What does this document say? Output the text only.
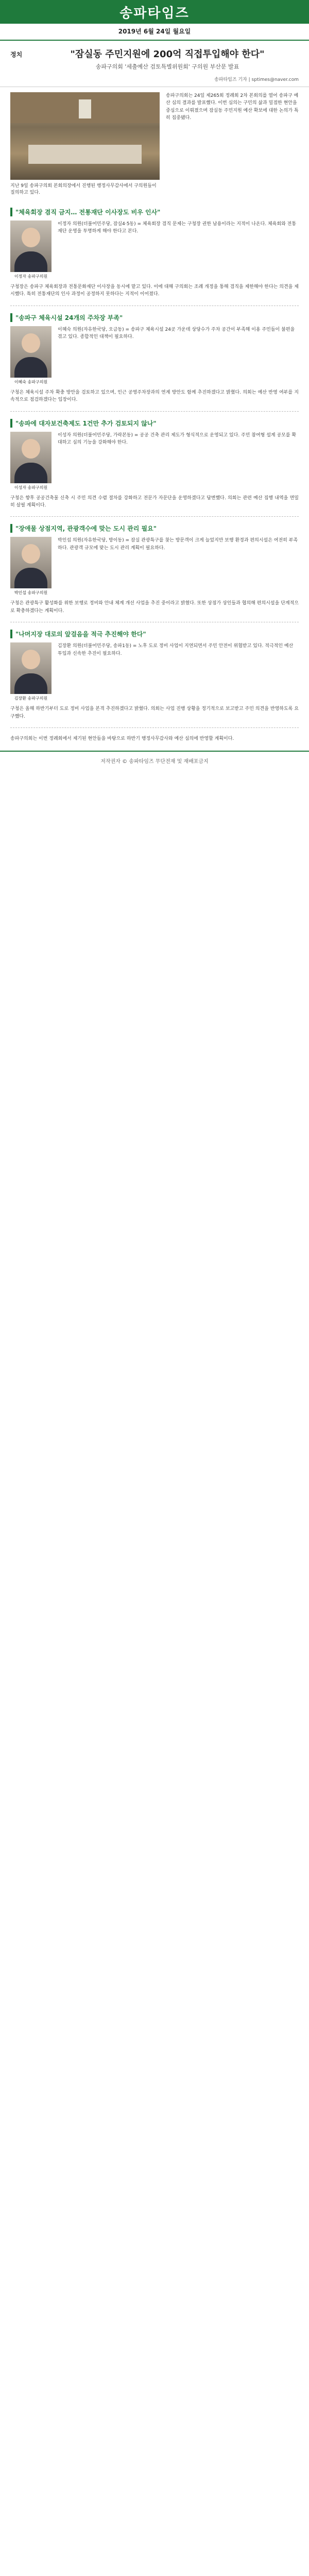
송파타임즈
2019년 6월 24일 월요일
정치	"잠실동 주민지원에 200억 직접투입해야 한다"
송파구의회 '세출예산 검토특별위원회' 구의원 부산문 발표
송파타임즈 기자 | sptimes@naver.com
지난 9일 송파구의회 본회의장에서 진행된 행정사무감사에서 구의원들이 질의하고 있다.
송파구의회는 24일 제265회 정례회 2차 본회의를 열어 송파구 예산 심의 결과를 발표했다. 이번 심의는 구민의 삶과 밀접한 현안을 중심으로 이뤄졌으며 잠실동 주민지원 예산 확보에 대한 논의가 특히 집중됐다.
"체육회장 겸직 금지… 전통재단 이사장도 비우 인사"
이정자 송파구의원
이정자 의원(더불어민주당, 잠실4·5동) = 체육회장 겸직 문제는 구청장 권한 남용이라는 지적이 나온다. 체육회와 전통재단 운영을 투명하게 해야 한다고 본다.

구청장은 송파구 체육회장과 전통문화재단 이사장을 동시에 맡고 있다. 이에 대해 구의회는 조례 개정을 통해 겸직을 제한해야 한다는 의견을 제시했다. 특히 전통재단의 인사 과정이 공정하지 못하다는 지적이 이어졌다.

"송파구 체육시설 24개의 주차장 부족"
이혜숙 송파구의원
이혜숙 의원(자유한국당, 오금동) = 송파구 체육시설 24곳 가운데 상당수가 주차 공간이 부족해 이용 주민들이 불편을 겪고 있다. 종합적인 대책이 필요하다.

구청은 체육시설 주차 확충 방안을 검토하고 있으며, 인근 공영주차장과의 연계 방안도 함께 추진하겠다고 밝혔다. 의회는 예산 반영 여부를 지속적으로 점검하겠다는 입장이다.

"송파에 대자보건축제도 1건만 추가 검토되지 않나"
이성자 송파구의원
이성자 의원(더불어민주당, 가락본동) = 공공 건축 관리 제도가 형식적으로 운영되고 있다. 주민 참여형 설계 공모를 확대하고 심의 기능을 강화해야 한다.

구청은 향후 공공건축물 신축 시 주민 의견 수렴 절차를 강화하고 전문가 자문단을 운영하겠다고 답변했다. 의회는 관련 예산 집행 내역을 면밀히 살필 계획이다.

"장애물 상점지역, 관광객수에 맞는 도시 관리 필요"
박인섭 송파구의원
박인섭 의원(자유한국당, 방이동) = 잠실 관광특구를 찾는 방문객이 크게 늘었지만 보행 환경과 편의시설은 여전히 부족하다. 관광객 규모에 맞는 도시 관리 계획이 필요하다.

구청은 관광특구 활성화를 위한 보행로 정비와 안내 체계 개선 사업을 추진 중이라고 밝혔다. 또한 상점가 상인들과 협의해 편의시설을 단계적으로 확충하겠다는 계획이다.

"나머지장 대로의 앞걸음을 적극 추진해야 한다"
김장환 송파구의원
김장환 의원(더불어민주당, 송파1동) = 노후 도로 정비 사업이 지연되면서 주민 안전이 위협받고 있다. 적극적인 예산 투입과 신속한 추진이 필요하다.

구청은 올해 하반기부터 도로 정비 사업을 본격 추진하겠다고 밝혔다. 의회는 사업 진행 상황을 정기적으로 보고받고 주민 의견을 반영하도록 요구했다.

송파구의회는 이번 정례회에서 제기된 현안들을 바탕으로 하반기 행정사무감사와 예산 심의에 반영할 계획이다.

저작권자 © 송파타임즈 무단전재 및 재배포금지
